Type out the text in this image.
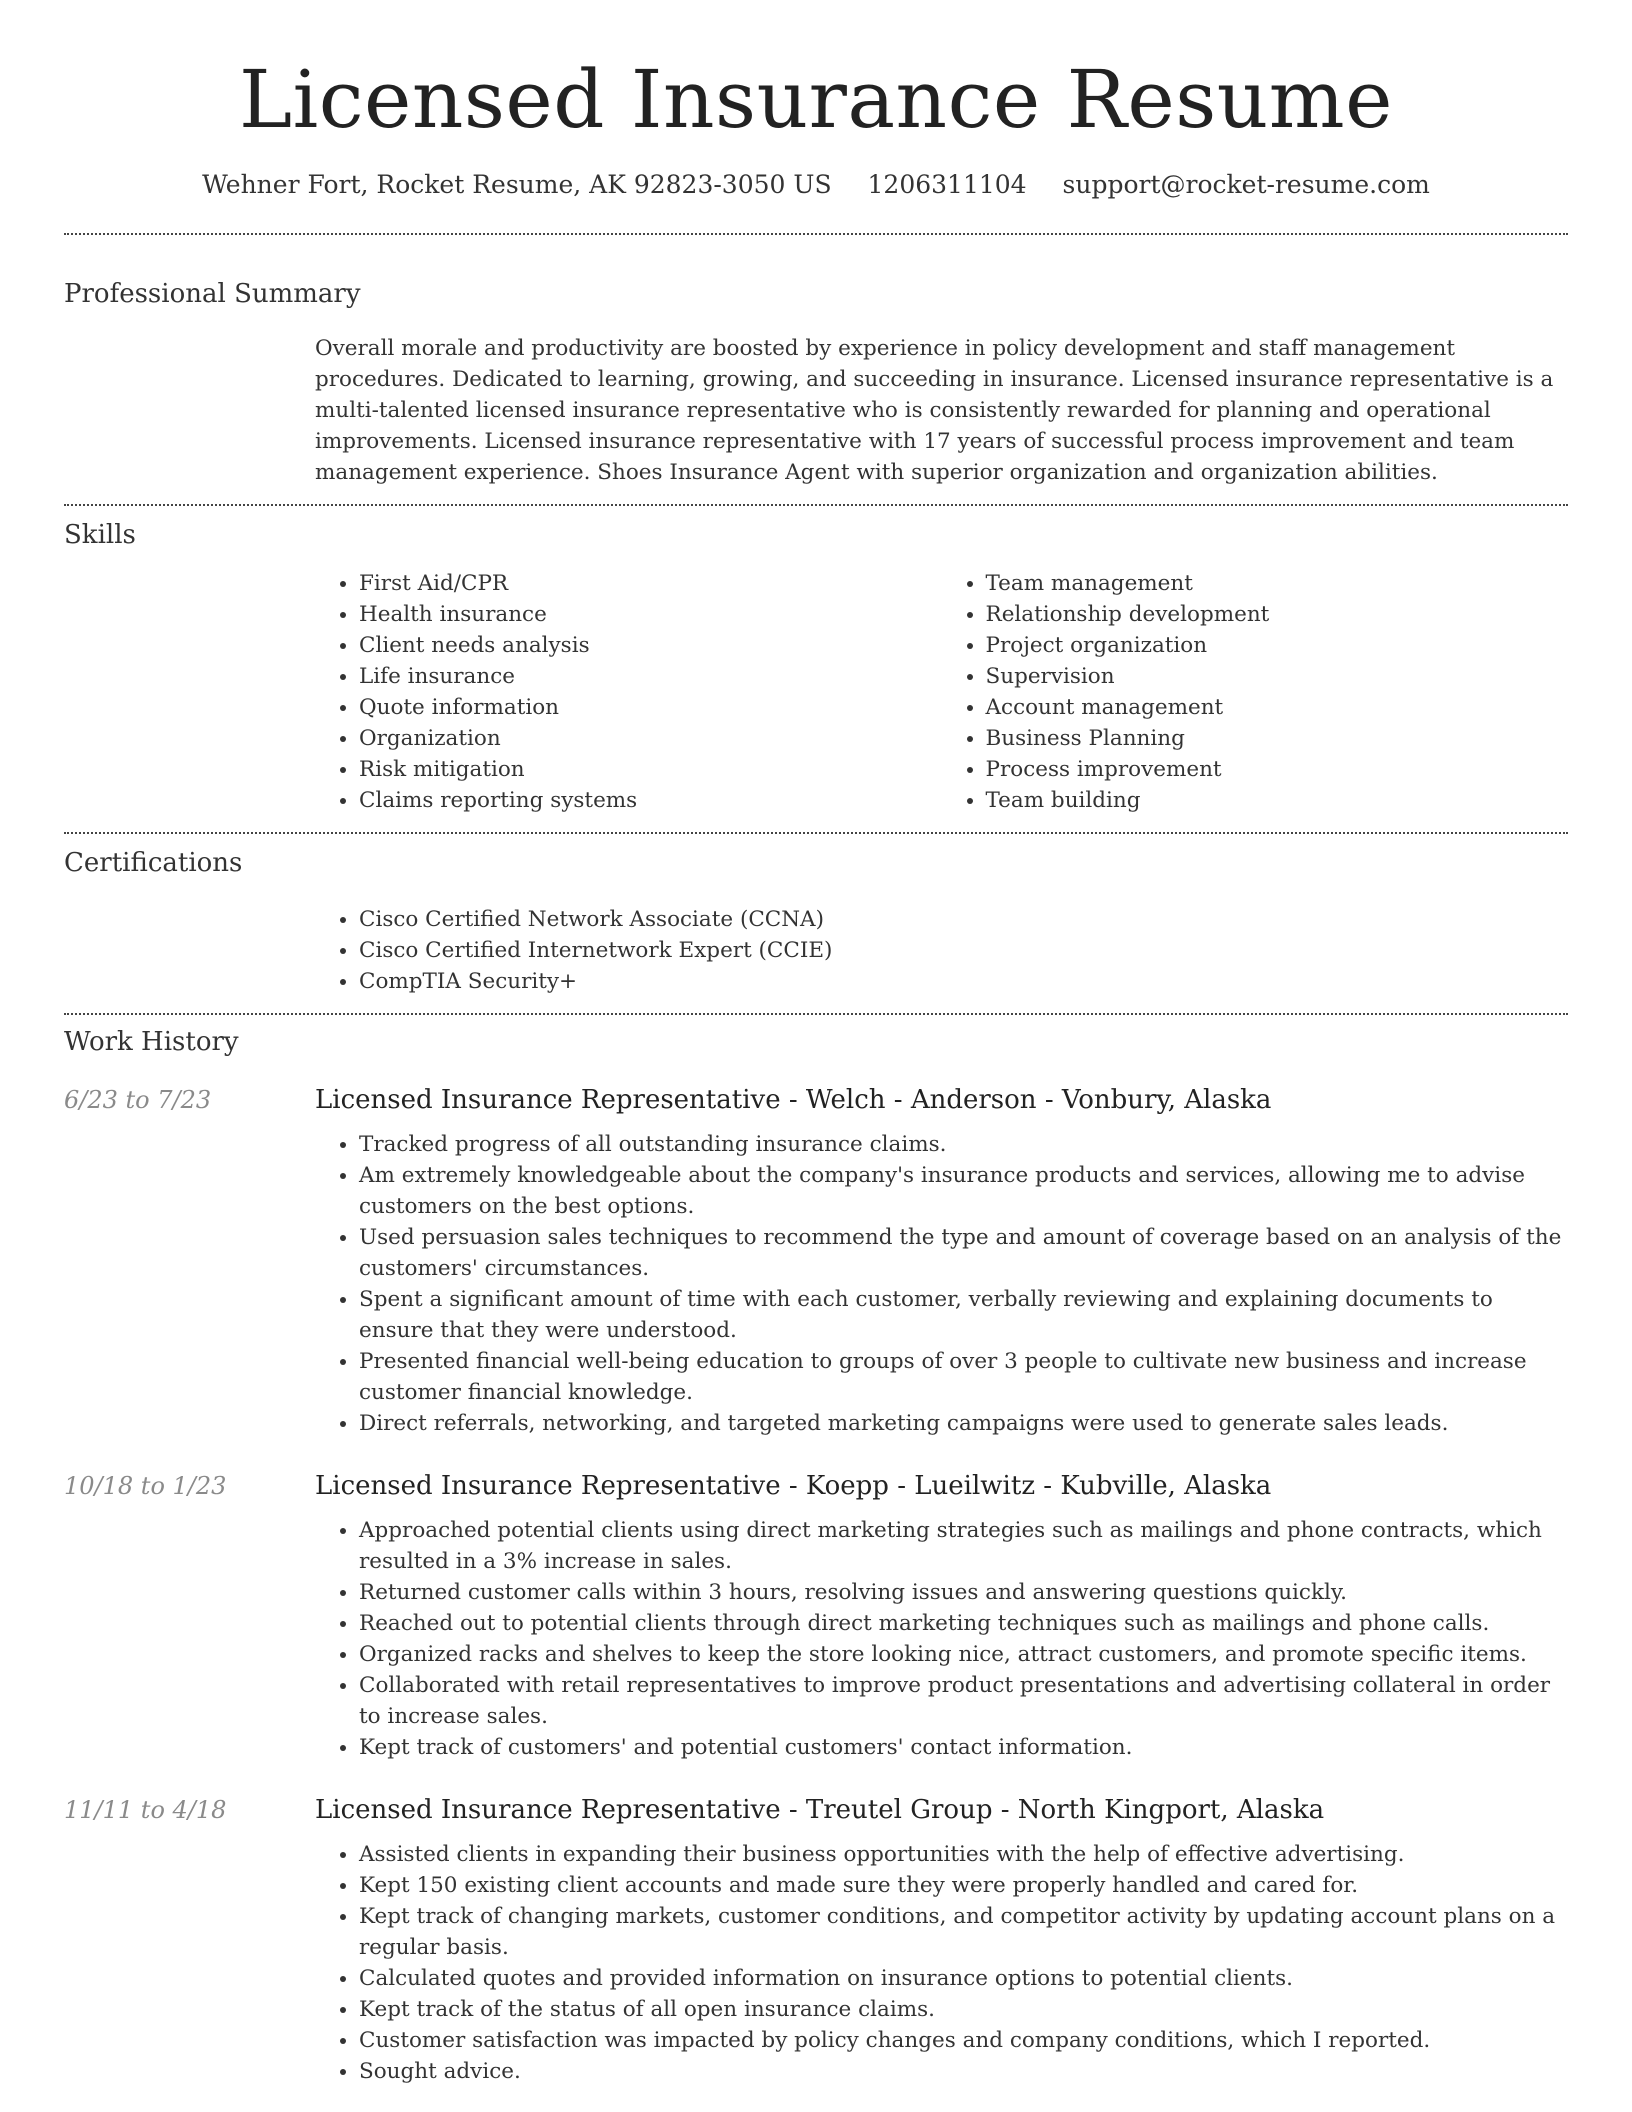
Licensed Insurance Resume
Wehner Fort, Rocket Resume, AK 92823-3050 US 1206311104 support@rocket-resume.com
Professional Summary
Overall morale and productivity are boosted by experience in policy development and staff management procedures. Dedicated to learning, growing, and succeeding in insurance. Licensed insurance representative is a multi-talented licensed insurance representative who is consistently rewarded for planning and operational improvements. Licensed insurance representative with 17 years of successful process improvement and team management experience. Shoes Insurance Agent with superior organization and organization abilities.
Skills
• First Aid/CPR
• Health insurance
• Client needs analysis
• Life insurance
• Quote information
• Organization
• Risk mitigation
• Claims reporting systems
• Team management
• Relationship development
• Project organization
• Supervision
• Account management
• Business Planning
• Process improvement
• Team building
Certifications
• Cisco Certified Network Associate (CCNA)
• Cisco Certified Internetwork Expert (CCIE)
• CompTIA Security+
Work History
6/23 to 7/23	Licensed Insurance Representative - Welch - Anderson - Vonbury, Alaska
• Tracked progress of all outstanding insurance claims.
• Am extremely knowledgeable about the company's insurance products and services, allowing me to advise customers on the best options.
• Used persuasion sales techniques to recommend the type and amount of coverage based on an analysis of the customers' circumstances.
• Spent a significant amount of time with each customer, verbally reviewing and explaining documents to ensure that they were understood.
• Presented financial well-being education to groups of over 3 people to cultivate new business and increase customer financial knowledge.
• Direct referrals, networking, and targeted marketing campaigns were used to generate sales leads.
10/18 to 1/23	Licensed Insurance Representative - Koepp - Lueilwitz - Kubville, Alaska
• Approached potential clients using direct marketing strategies such as mailings and phone contracts, which resulted in a 3% increase in sales.
• Returned customer calls within 3 hours, resolving issues and answering questions quickly.
• Reached out to potential clients through direct marketing techniques such as mailings and phone calls.
• Organized racks and shelves to keep the store looking nice, attract customers, and promote specific items.
• Collaborated with retail representatives to improve product presentations and advertising collateral in order to increase sales.
• Kept track of customers' and potential customers' contact information.
11/11 to 4/18	Licensed Insurance Representative - Treutel Group - North Kingport, Alaska
• Assisted clients in expanding their business opportunities with the help of effective advertising.
• Kept 150 existing client accounts and made sure they were properly handled and cared for.
• Kept track of changing markets, customer conditions, and competitor activity by updating account plans on a regular basis.
• Calculated quotes and provided information on insurance options to potential clients.
• Kept track of the status of all open insurance claims.
• Customer satisfaction was impacted by policy changes and company conditions, which I reported.
• Sought advice.
